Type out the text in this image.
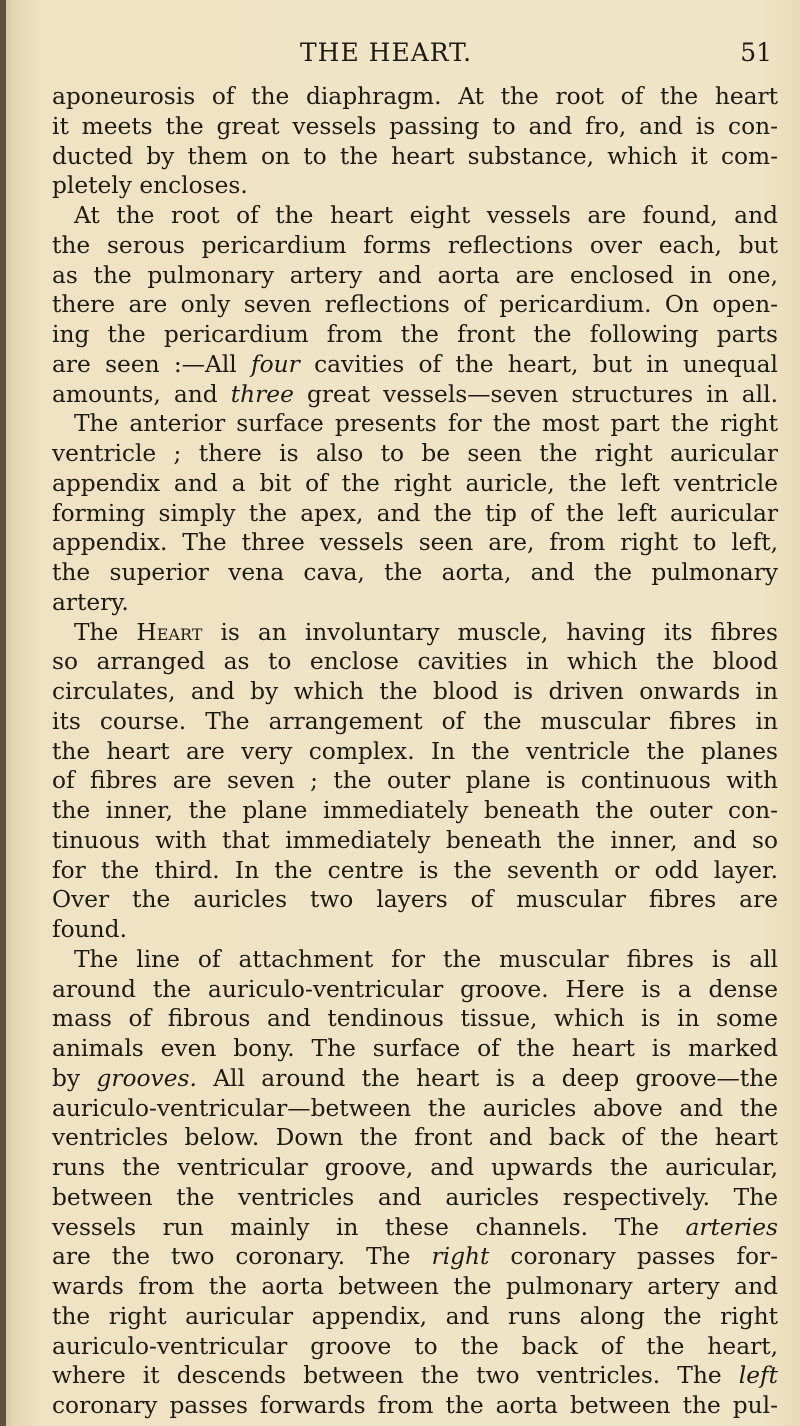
THE HEART.	51
aponeurosis of the diaphragm. At the root of the heart
it meets the great vessels passing to and fro, and is con-
ducted by them on to the heart substance, which it com-
pletely encloses.
At the root of the heart eight vessels are found, and
the serous pericardium forms reflections over each, but
as the pulmonary artery and aorta are enclosed in one,
there are only seven reflections of pericardium. On open-
ing the pericardium from the front the following parts
are seen :—All four cavities of the heart, but in unequal
amounts, and three great vessels—seven structures in all.
The anterior surface presents for the most part the right
ventricle ; there is also to be seen the right auricular
appendix and a bit of the right auricle, the left ventricle
forming simply the apex, and the tip of the left auricular
appendix. The three vessels seen are, from right to left,
the superior vena cava, the aorta, and the pulmonary
artery.
The Heart is an involuntary muscle, having its fibres
so arranged as to enclose cavities in which the blood
circulates, and by which the blood is driven onwards in
its course. The arrangement of the muscular fibres in
the heart are very complex. In the ventricle the planes
of fibres are seven ; the outer plane is continuous with
the inner, the plane immediately beneath the outer con-
tinuous with that immediately beneath the inner, and so
for the third. In the centre is the seventh or odd layer.
Over the auricles two layers of muscular fibres are
found.
The line of attachment for the muscular fibres is all
around the auriculo-ventricular groove. Here is a dense
mass of fibrous and tendinous tissue, which is in some
animals even bony. The surface of the heart is marked
by grooves. All around the heart is a deep groove—the
auriculo-ventricular—between the auricles above and the
ventricles below. Down the front and back of the heart
runs the ventricular groove, and upwards the auricular,
between the ventricles and auricles respectively. The
vessels run mainly in these channels. The arteries
are the two coronary. The right coronary passes for-
wards from the aorta between the pulmonary artery and
the right auricular appendix, and runs along the right
auriculo-ventricular groove to the back of the heart,
where it descends between the two ventricles. The left
coronary passes forwards from the aorta between the pul-
